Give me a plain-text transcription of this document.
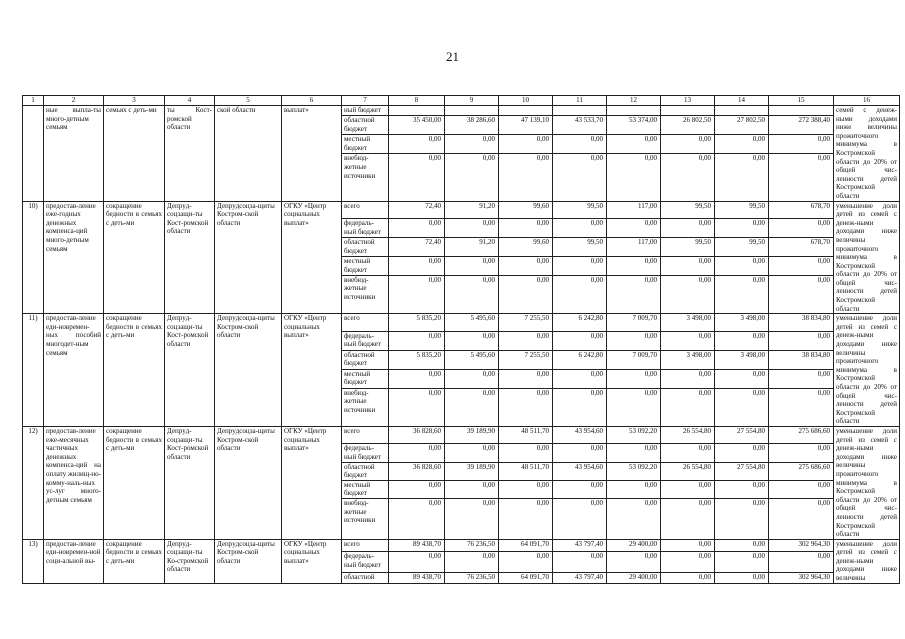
21
1	2	3	4	5	6	7	8	9	10	11	12	13	14	15	16
	ные выпла-ты много-детным семьям	семьях с деть-ми	ты Кост-ромской области	ской области	выплат»	ный бюджет									семей с денеж-ными доходами ниже величины прожиточного минимума в Костромской области до 20% от общей чис-ленности детей Костромской области
						областной бюджет	35 450,00	38 286,60	47 139,10	43 533,70	53 374,00	26 802,50	27 802,50	272 388,40	
						местный бюджет	0,00	0,00	0,00	0,00	0,00	0,00	0,00	0,00	
						внебюд-жетные источники	0,00	0,00	0,00	0,00	0,00	0,00	0,00	0,00	
10)	предостав-ление еже-годных денежных компенса-ций много-детным семьям	сокращение бедности в семьях с деть-ми	Депрyд-соцзащи-ты Кост-ромской области	Депрyдсоцза-щиты Костром-ской области	ОГКУ «Центр социальных выплат»	всего	72,40	91,20	99,60	99,50	117,00	99,50	99,50	678,70	уменьшение доли детей из семей с денеж-ными доходами ниже величины прожиточного минимума в Костромской области до 20% от общей чис-ленности детей Костромской области
						федераль-ный бюджет	0,00	0,00	0,00	0,00	0,00	0,00	0,00	0,00	
						областной бюджет	72,40	91,20	99,60	99,50	117,00	99,50	99,50	678,70	
						местный бюджет	0,00	0,00	0,00	0,00	0,00	0,00	0,00	0,00	
						внебюд-жетные источники	0,00	0,00	0,00	0,00	0,00	0,00	0,00	0,00	
11)	предостав-ление еди-новремен-ных пособий многодет-ным семьям	сокращение бедности в семьях с деть-ми	Депрyд-соцзащи-ты Кост-ромской области	Депрyдсоцза-щиты Костром-ской области	ОГКУ «Центр социальных выплат»	всего	5 835,20	5 495,60	7 255,50	6 242,80	7 009,70	3 498,00	3 498,00	38 834,80	уменьшение доли детей из семей с денеж-ными доходами ниже величины прожиточного минимума в Костромской области до 20% от общей чис-ленности детей Костромской области
						федераль-ный бюджет	0,00	0,00	0,00	0,00	0,00	0,00	0,00	0,00	
						областной бюджет	5 835,20	5 495,60	7 255,50	6 242,80	7 009,70	3 498,00	3 498,00	38 834,80	
						местный бюджет	0,00	0,00	0,00	0,00	0,00	0,00	0,00	0,00	
						внебюд-жетные источники	0,00	0,00	0,00	0,00	0,00	0,00	0,00	0,00	
12)	предостав-ление еже-месячных частичных денежных компенса-ций на оплату жилищ-но-комму-наль-ных ус-луг много-детным семьям	сокращение бедности в семьях с деть-ми	Депрyд-соцзащи-ты Кост-ромской области	Депрyдсоцза-щиты Костром-ской области	ОГКУ «Центр социальных выплат»	всего	36 828,60	39 189,90	48 511,70	43 954,60	53 092,20	26 554,80	27 554,80	275 686,60	уменьшение доли детей из семей с денеж-ными доходами ниже величины прожиточного минимума в Костромской области до 20% от общей чис-ленности детей Костромской области
						федераль-ный бюджет	0,00	0,00	0,00	0,00	0,00	0,00	0,00	0,00	
						областной бюджет	36 828,60	39 189,90	48 511,70	43 954,60	53 092,20	26 554,80	27 554,80	275 686,60	
						местный бюджет	0,00	0,00	0,00	0,00	0,00	0,00	0,00	0,00	
						внебюд-жетные источники	0,00	0,00	0,00	0,00	0,00	0,00	0,00	0,00	
13)	предостав-ление еди-новремен-ной соци-альной вы-	сокращение бедности в семьях с деть-ми	Депрyд-соцзащи-ты Ко-стромской области	Депрyдсоцза-щиты Костром-ской области	ОГКУ «Центр социальных выплат»	всего	89 438,70	76 236,50	64 091,70	43 797,40	29 400,00	0,00	0,00	302 964,30	уменьшение доли детей из семей с денеж-ными доходами ниже величины
						федераль-ный бюджет	0,00	0,00	0,00	0,00	0,00	0,00	0,00	0,00	
						областной	89 438,70	76 236,50	64 091,70	43 797,40	29 400,00	0,00	0,00	302 964,30	
